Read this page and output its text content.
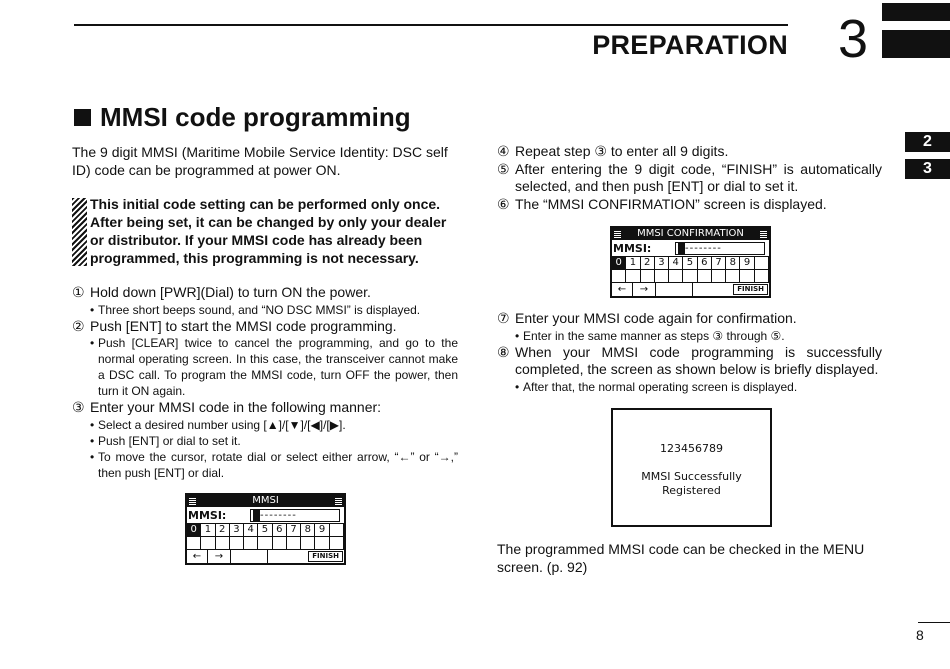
PREPARATION 3
2
3
MMSI code programming
The 9 digit MMSI (Maritime Mobile Service Identity: DSC self ID) code can be programmed at power ON.
This initial code setting can be performed only once. After being set, it can be changed by only your dealer or distributor. If your MMSI code has already been programmed, this programming is not necessary.
① Hold down [PWR](Dial) to turn ON the power.
• Three short beeps sound, and “NO DSC MMSI” is displayed.
② Push [ENT] to start the MMSI code programming.
• Push [CLEAR] twice to cancel the programming, and go to the normal operating screen. In this case, the transceiver cannot make a DSC call. To program the MMSI code, turn OFF the power, then turn it ON again.
③ Enter your MMSI code in the following manner:
• Select a desired number using [▲]/[▼]/[◀]/[▶].
• Push [ENT] or dial to set it.
• To move the cursor, rotate dial or select either arrow, “←” or “→,” then push [ENT] or dial.
MMSI
MMSI:	--------
0 1 2 3 4 5 6 7 8 9
←	→	FINISH
④ Repeat step ③ to enter all 9 digits.
⑤ After entering the 9 digit code, “FINISH” is automatically selected, and then push [ENT] or dial to set it.
⑥ The “MMSI CONFIRMATION” screen is displayed.
MMSI CONFIRMATION
MMSI:	--------
0 1 2 3 4 5 6 7 8 9
←	→	FINISH
⑦ Enter your MMSI code again for confirmation.
• Enter in the same manner as steps ③ through ⑤.
⑧ When your MMSI code programming is successfully completed, the screen as shown below is briefly displayed.
• After that, the normal operating screen is displayed.
123456789
MMSI Successfully
Registered
The programmed MMSI code can be checked in the MENU screen. (p. 92)
8
